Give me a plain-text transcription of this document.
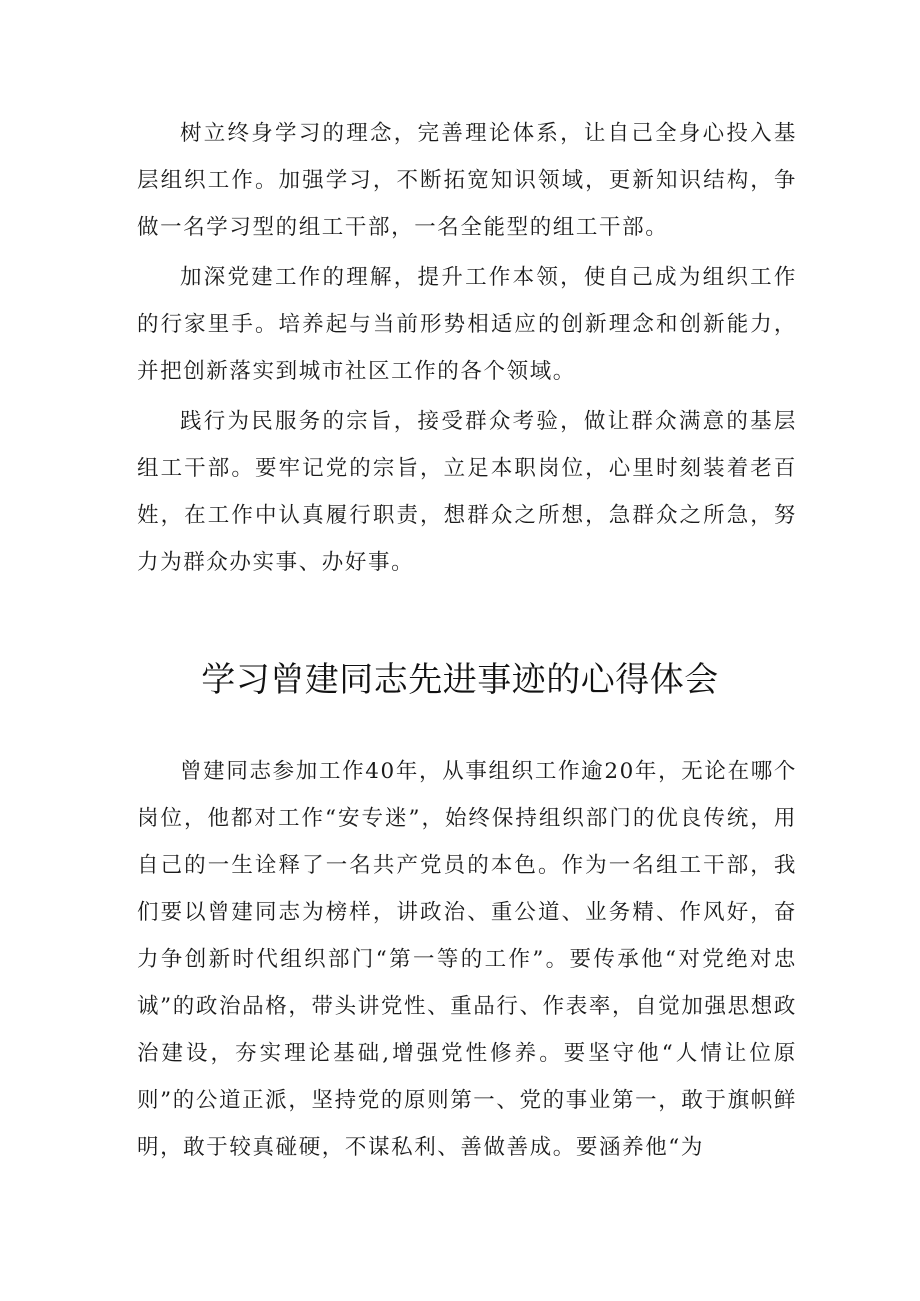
树立终身学习的理念，完善理论体系，让自己全身心投入基层组织工作。加强学习，不断拓宽知识领域，更新知识结构，争做一名学习型的组工干部，一名全能型的组工干部。

加深党建工作的理解，提升工作本领，使自己成为组织工作的行家里手。培养起与当前形势相适应的创新理念和创新能力，并把创新落实到城市社区工作的各个领域。

践行为民服务的宗旨，接受群众考验，做让群众满意的基层组工干部。要牢记党的宗旨，立足本职岗位，心里时刻装着老百姓，在工作中认真履行职责，想群众之所想，急群众之所急，努力为群众办实事、办好事。

学习曾建同志先进事迹的心得体会

曾建同志参加工作40年，从事组织工作逾20年，无论在哪个岗位，他都对工作“安专迷”，始终保持组织部门的优良传统，用自己的一生诠释了一名共产党员的本色。作为一名组工干部，我们要以曾建同志为榜样，讲政治、重公道、业务精、作风好，奋力争创新时代组织部门“第一等的工作”。要传承他“对党绝对忠诚”的政治品格，带头讲党性、重品行、作表率，自觉加强思想政治建设，夯实理论基础,增强党性修养。要坚守他“人情让位原则”的公道正派，坚持党的原则第一、党的事业第一，敢于旗帜鲜明，敢于较真碰硬，不谋私利、善做善成。要涵养他“为
